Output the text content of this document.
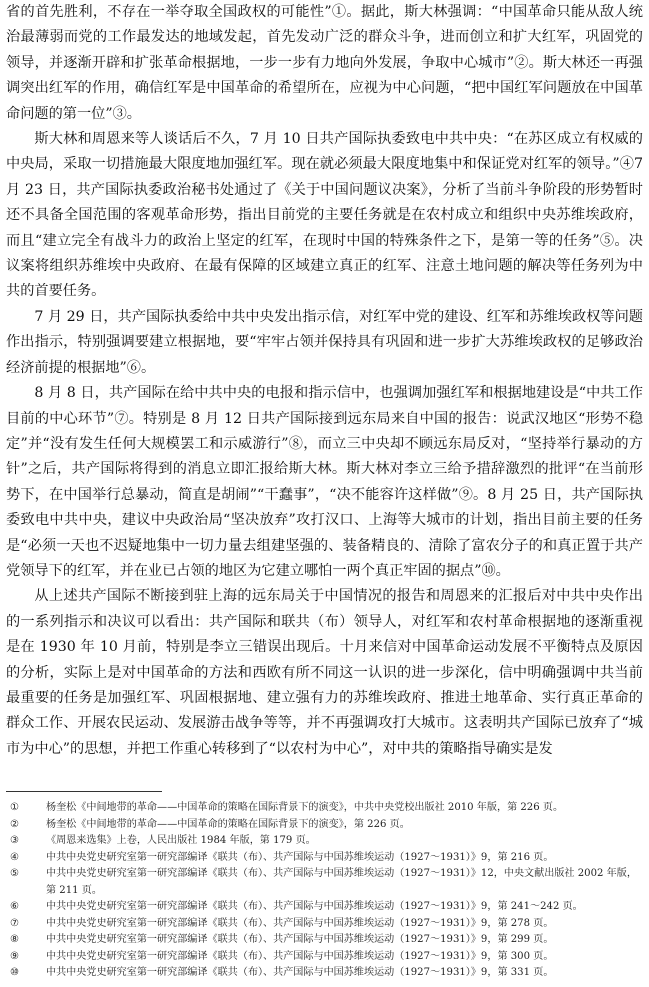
省的首先胜利，不存在一举夺取全国政权的可能性”①。据此，斯大林强调：“中国革命只能从敌人统治最薄弱而党的工作最发达的地域发起，首先发动广泛的群众斗争，进而创立和扩大红军，巩固党的领导，并逐渐开辟和扩张革命根据地，一步一步有力地向外发展，争取中心城市”②。斯大林还一再强调突出红军的作用，确信红军是中国革命的希望所在，应视为中心问题，“把中国红军问题放在中国革命问题的第一位”③。

斯大林和周恩来等人谈话后不久，7 月 10 日共产国际执委致电中共中央：“在苏区成立有权威的中央局，采取一切措施最大限度地加强红军。现在就必须最大限度地集中和保证党对红军的领导。”④7 月 23 日，共产国际执委政治秘书处通过了《关于中国问题议决案》，分析了当前斗争阶段的形势暂时还不具备全国范围的客观革命形势，指出目前党的主要任务就是在农村成立和组织中央苏维埃政府，而且“建立完全有战斗力的政治上坚定的红军，在现时中国的特殊条件之下，是第一等的任务”⑤。决议案将组织苏维埃中央政府、在最有保障的区域建立真正的红军、注意土地问题的解决等任务列为中共的首要任务。

7 月 29 日，共产国际执委给中共中央发出指示信，对红军中党的建设、红军和苏维埃政权等问题作出指示，特别强调要建立根据地，要“牢牢占领并保持具有巩固和进一步扩大苏维埃政权的足够政治经济前提的根据地”⑥。

8 月 8 日，共产国际在给中共中央的电报和指示信中，也强调加强红军和根据地建设是“中共工作目前的中心环节”⑦。特别是 8 月 12 日共产国际接到远东局来自中国的报告：说武汉地区“形势不稳定”并“没有发生任何大规模罢工和示威游行”⑧，而立三中央却不顾远东局反对，“坚持举行暴动的方针”之后，共产国际将得到的消息立即汇报给斯大林。斯大林对李立三给予措辞激烈的批评“在当前形势下，在中国举行总暴动，简直是胡闹”“干蠢事”，“决不能容许这样做”⑨。8 月 25 日，共产国际执委致电中共中央，建议中央政治局“坚决放弃”攻打汉口、上海等大城市的计划，指出目前主要的任务是“必须一天也不迟疑地集中一切力量去组建坚强的、装备精良的、清除了富农分子的和真正置于共产党领导下的红军，并在业已占领的地区为它建立哪怕一两个真正牢固的据点”⑩。

从上述共产国际不断接到驻上海的远东局关于中国情况的报告和周恩来的汇报后对中共中央作出的一系列指示和决议可以看出：共产国际和联共（布）领导人，对红军和农村革命根据地的逐渐重视是在 1930 年 10 月前，特别是李立三错误出现后。十月来信对中国革命运动发展不平衡特点及原因的分析，实际上是对中国革命的方法和西欧有所不同这一认识的进一步深化，信中明确强调中共当前最重要的任务是加强红军、巩固根据地、建立强有力的苏维埃政府、推进土地革命、实行真正革命的群众工作、开展农民运动、发展游击战争等等，并不再强调攻打大城市。这表明共产国际已放弃了“城市为中心”的思想，并把工作重心转移到了“以农村为中心”，对中共的策略指导确实是发

①	杨奎松《中间地带的革命——中国革命的策略在国际背景下的演变》，中共中央党校出版社 2010 年版，第 226 页。

②	杨奎松《中间地带的革命——中国革命的策略在国际背景下的演变》，第 226 页。

③	《周恩来选集》上卷，人民出版社 1984 年版，第 179 页。

④	中共中央党史研究室第一研究部编译《联共（布）、共产国际与中国苏维埃运动（1927～1931）》9，第 216 页。

⑤	中共中央党史研究室第一研究部编译《联共（布）、共产国际与中国苏维埃运动（1927～1931）》12，中央文献出版社 2002 年版，第 211 页。

⑥	中共中央党史研究室第一研究部编译《联共（布）、共产国际与中国苏维埃运动（1927～1931）》9，第 241～242 页。

⑦	中共中央党史研究室第一研究部编译《联共（布）、共产国际与中国苏维埃运动（1927～1931）》9，第 278 页。

⑧	中共中央党史研究室第一研究部编译《联共（布）、共产国际与中国苏维埃运动（1927～1931）》9，第 299 页。

⑨	中共中央党史研究室第一研究部编译《联共（布）、共产国际与中国苏维埃运动（1927～1931）》9，第 300 页。

⑩	中共中央党史研究室第一研究部编译《联共（布）、共产国际与中国苏维埃运动（1927～1931）》9，第 331 页。
